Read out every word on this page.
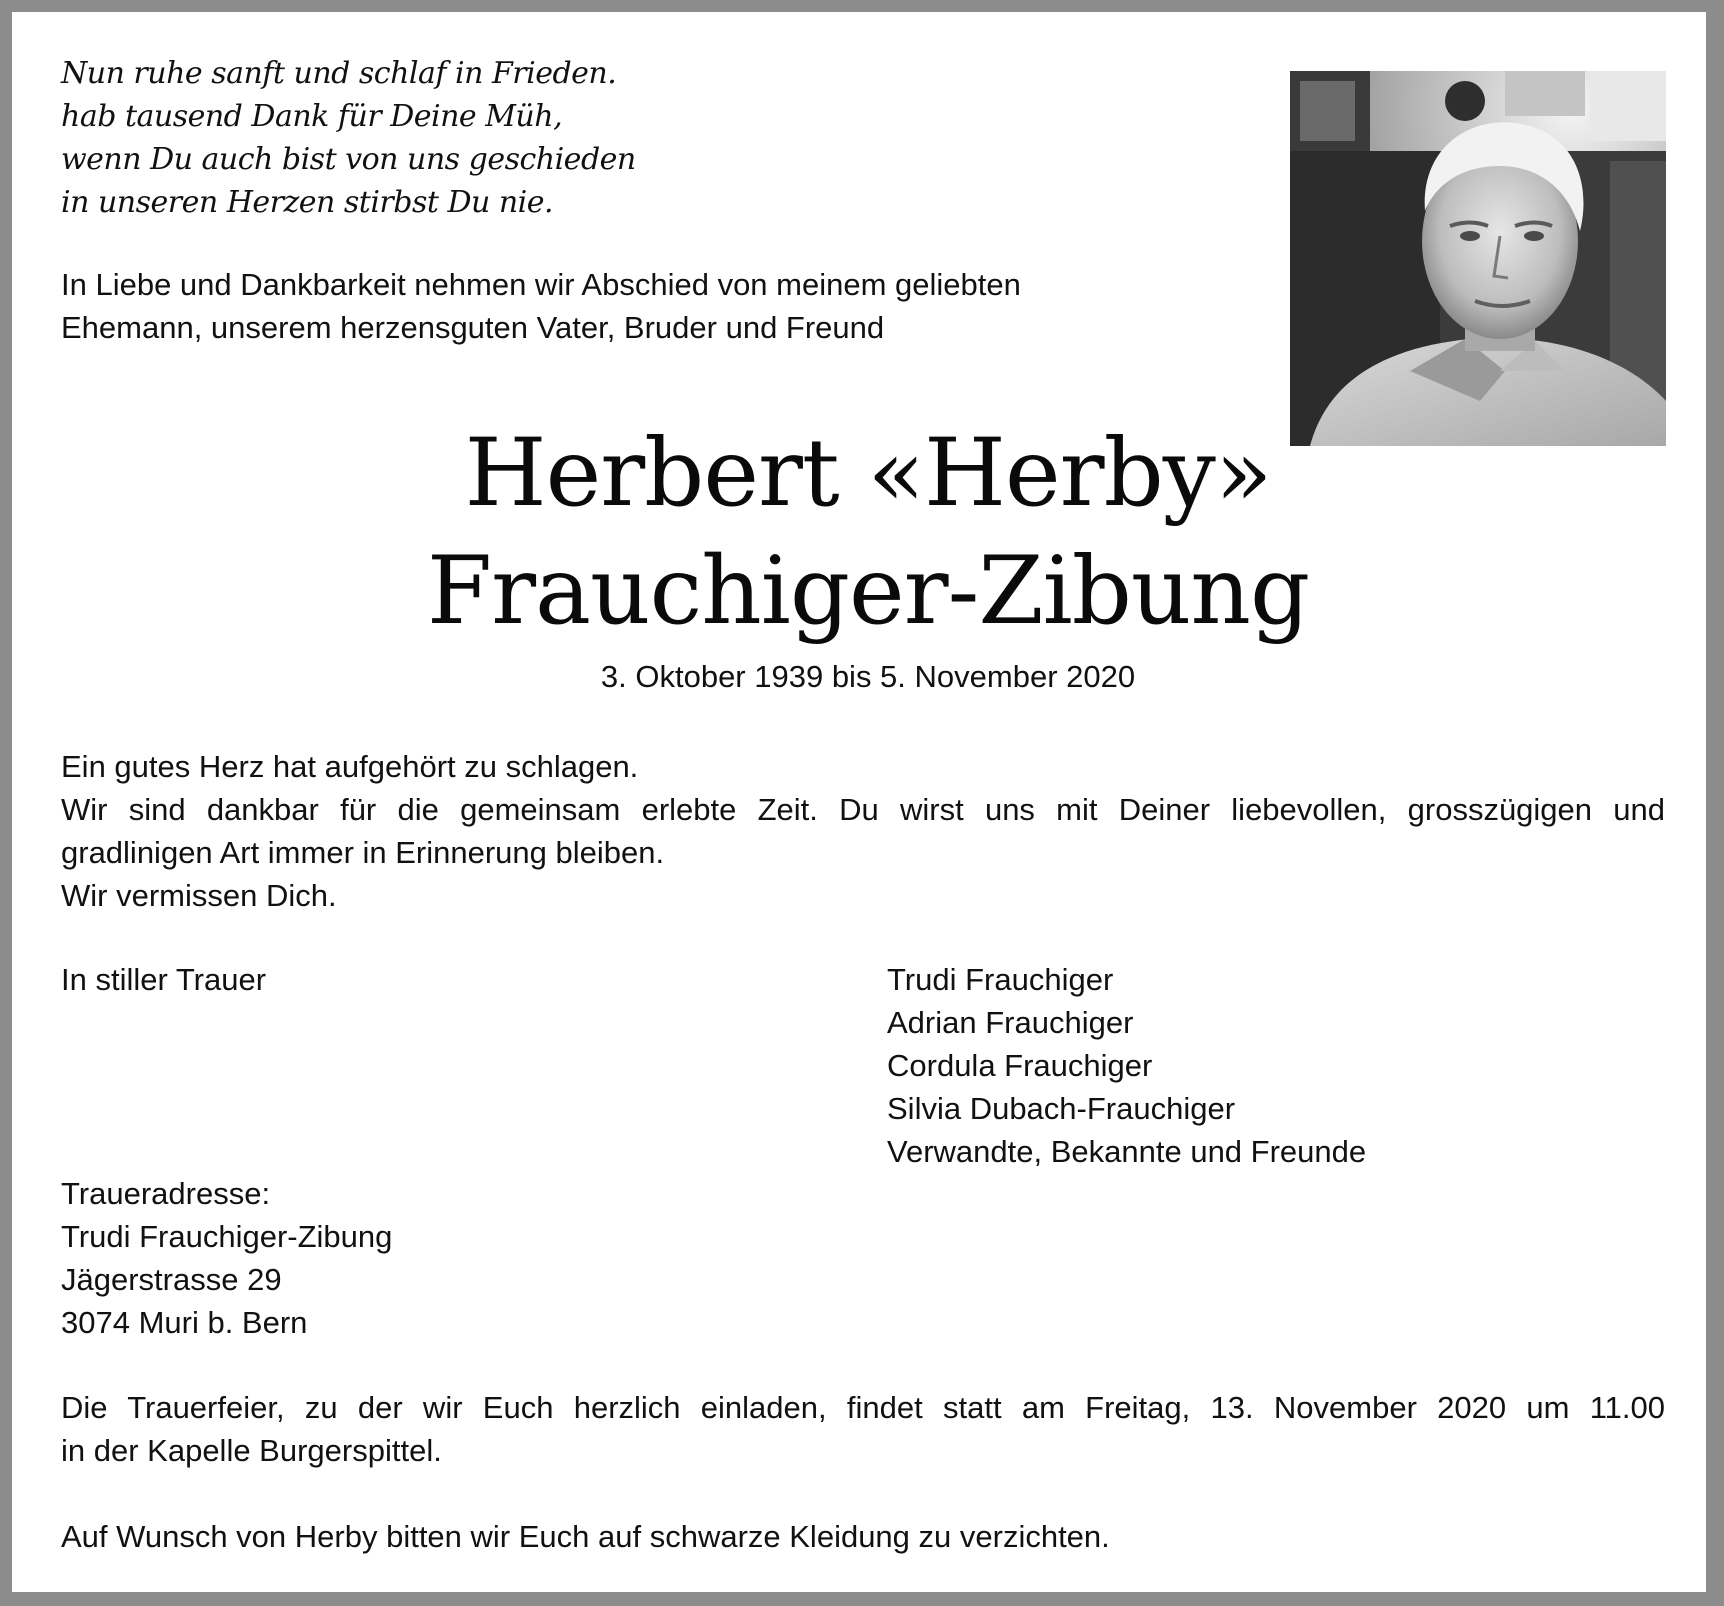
Nun ruhe sanft und schlaf in Frieden.
hab tausend Dank für Deine Müh,
wenn Du auch bist von uns geschieden
in unseren Herzen stirbst Du nie.
In Liebe und Dankbarkeit nehmen wir Abschied von meinem geliebten
Ehemann, unserem herzensguten Vater, Bruder und Freund
Herbert «Herby»
Frauchiger-Zibung
3. Oktober 1939 bis 5. November 2020
Ein gutes Herz hat aufgehört zu schlagen.
Wir sind dankbar für die gemeinsam erlebte Zeit. Du wirst uns mit Deiner liebevollen, grosszügigen und
gradlinigen Art immer in Erinnerung bleiben.
Wir vermissen Dich.
In stiller Trauer	Trudi Frauchiger
Adrian Frauchiger
Cordula Frauchiger
Silvia Dubach-Frauchiger
Verwandte, Bekannte und Freunde
Traueradresse:
Trudi Frauchiger-Zibung
Jägerstrasse 29
3074 Muri b. Bern
Die Trauerfeier, zu der wir Euch herzlich einladen, findet statt am Freitag, 13. November 2020 um 11.00
in der Kapelle Burgerspittel.
Auf Wunsch von Herby bitten wir Euch auf schwarze Kleidung zu verzichten.
